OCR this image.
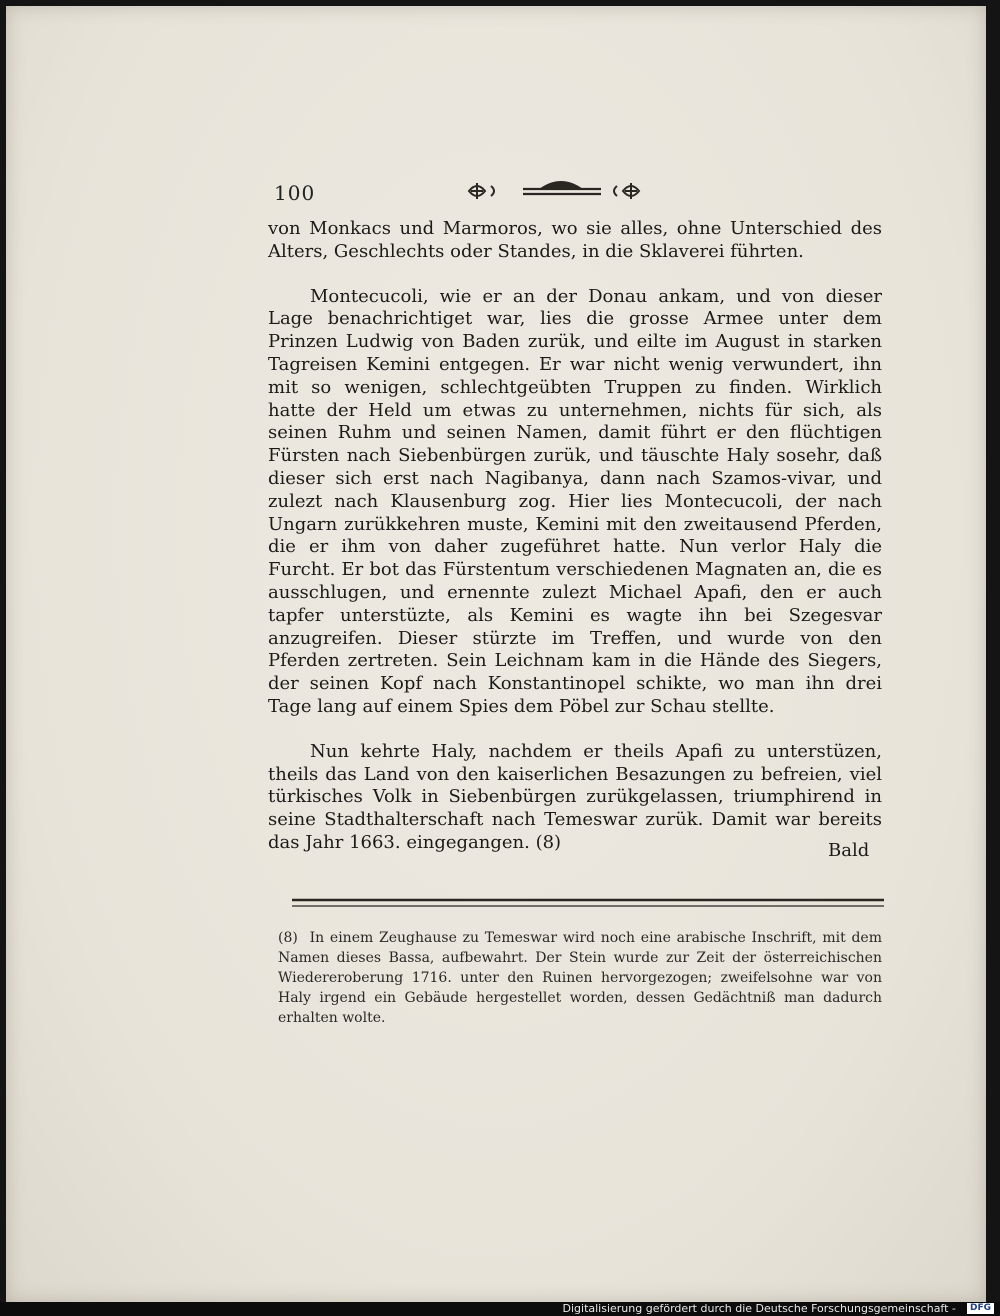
100

von Monkacs und Marmoros, wo sie alles, ohne Unterschied des Alters, Geschlechts oder Standes, in die Sklaverei führten.

Montecucoli, wie er an der Donau ankam, und von dieser Lage benachrichtiget war, lies die grosse Armee unter dem Prinzen Ludwig von Baden zurük, und eilte im August in starken Tagreisen Kemini entgegen. Er war nicht wenig verwundert, ihn mit so wenigen, schlechtgeübten Truppen zu finden. Wirklich hatte der Held um etwas zu unternehmen, nichts für sich, als seinen Ruhm und seinen Namen, damit führt er den flüchtigen Fürsten nach Siebenbürgen zurük, und täuschte Haly sosehr, daß dieser sich erst nach Nagibanya, dann nach Szamos-vivar, und zulezt nach Klausenburg zog. Hier lies Montecucoli, der nach Ungarn zurükkehren muste, Kemini mit den zweitausend Pferden, die er ihm von daher zugeführet hatte. Nun verlor Haly die Furcht. Er bot das Fürstentum verschiedenen Magnaten an, die es ausschlugen, und ernennte zulezt Michael Apafi, den er auch tapfer unterstüzte, als Kemini es wagte ihn bei Szegesvar anzugreifen. Dieser stürzte im Treffen, und wurde von den Pferden zertreten. Sein Leichnam kam in die Hände des Siegers, der seinen Kopf nach Konstantinopel schikte, wo man ihn drei Tage lang auf einem Spies dem Pöbel zur Schau stellte.

Nun kehrte Haly, nachdem er theils Apafi zu unterstüzen, theils das Land von den kaiserlichen Besazungen zu befreien, viel türkisches Volk in Siebenbürgen zurükgelassen, triumphirend in seine Stadthalterschaft nach Temeswar zurük. Damit war bereits das Jahr 1663. eingegangen. (8)	Bald
(8) In einem Zeughause zu Temeswar wird noch eine arabische Inschrift, mit dem Namen dieses Bassa, aufbewahrt. Der Stein wurde zur Zeit der österreichischen Wiedereroberung 1716. unter den Ruinen hervorgezogen; zweifelsohne war von Haly irgend ein Gebäude hergestellet worden, dessen Gedächtniß man dadurch erhalten wolte.
$^{Digitalisierung gefördert durch die Deutsche Forschungsgemeinschaft -}$ DFG
